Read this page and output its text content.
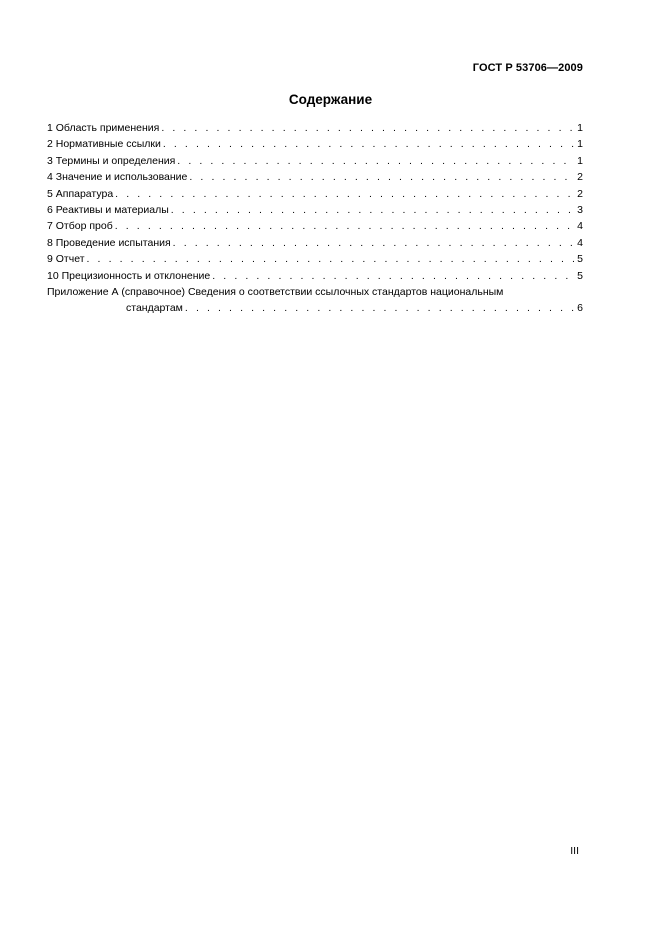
ГОСТ Р 53706—2009
Содержание
1 Область применения . . .	1
2 Нормативные ссылки . . .	1
3 Термины и определения . . .	1
4 Значение и использование . . .	2
5 Аппаратура . . .	2
6 Реактивы и материалы . . .	3
7 Отбор проб . . .	4
8 Проведение испытания . . .	4
9 Отчет . . .	5
10 Прецизионность и отклонение . . .	5
Приложение А (справочное) Сведения о соответствии ссылочных стандартов национальным
стандартам . . .	6
III
